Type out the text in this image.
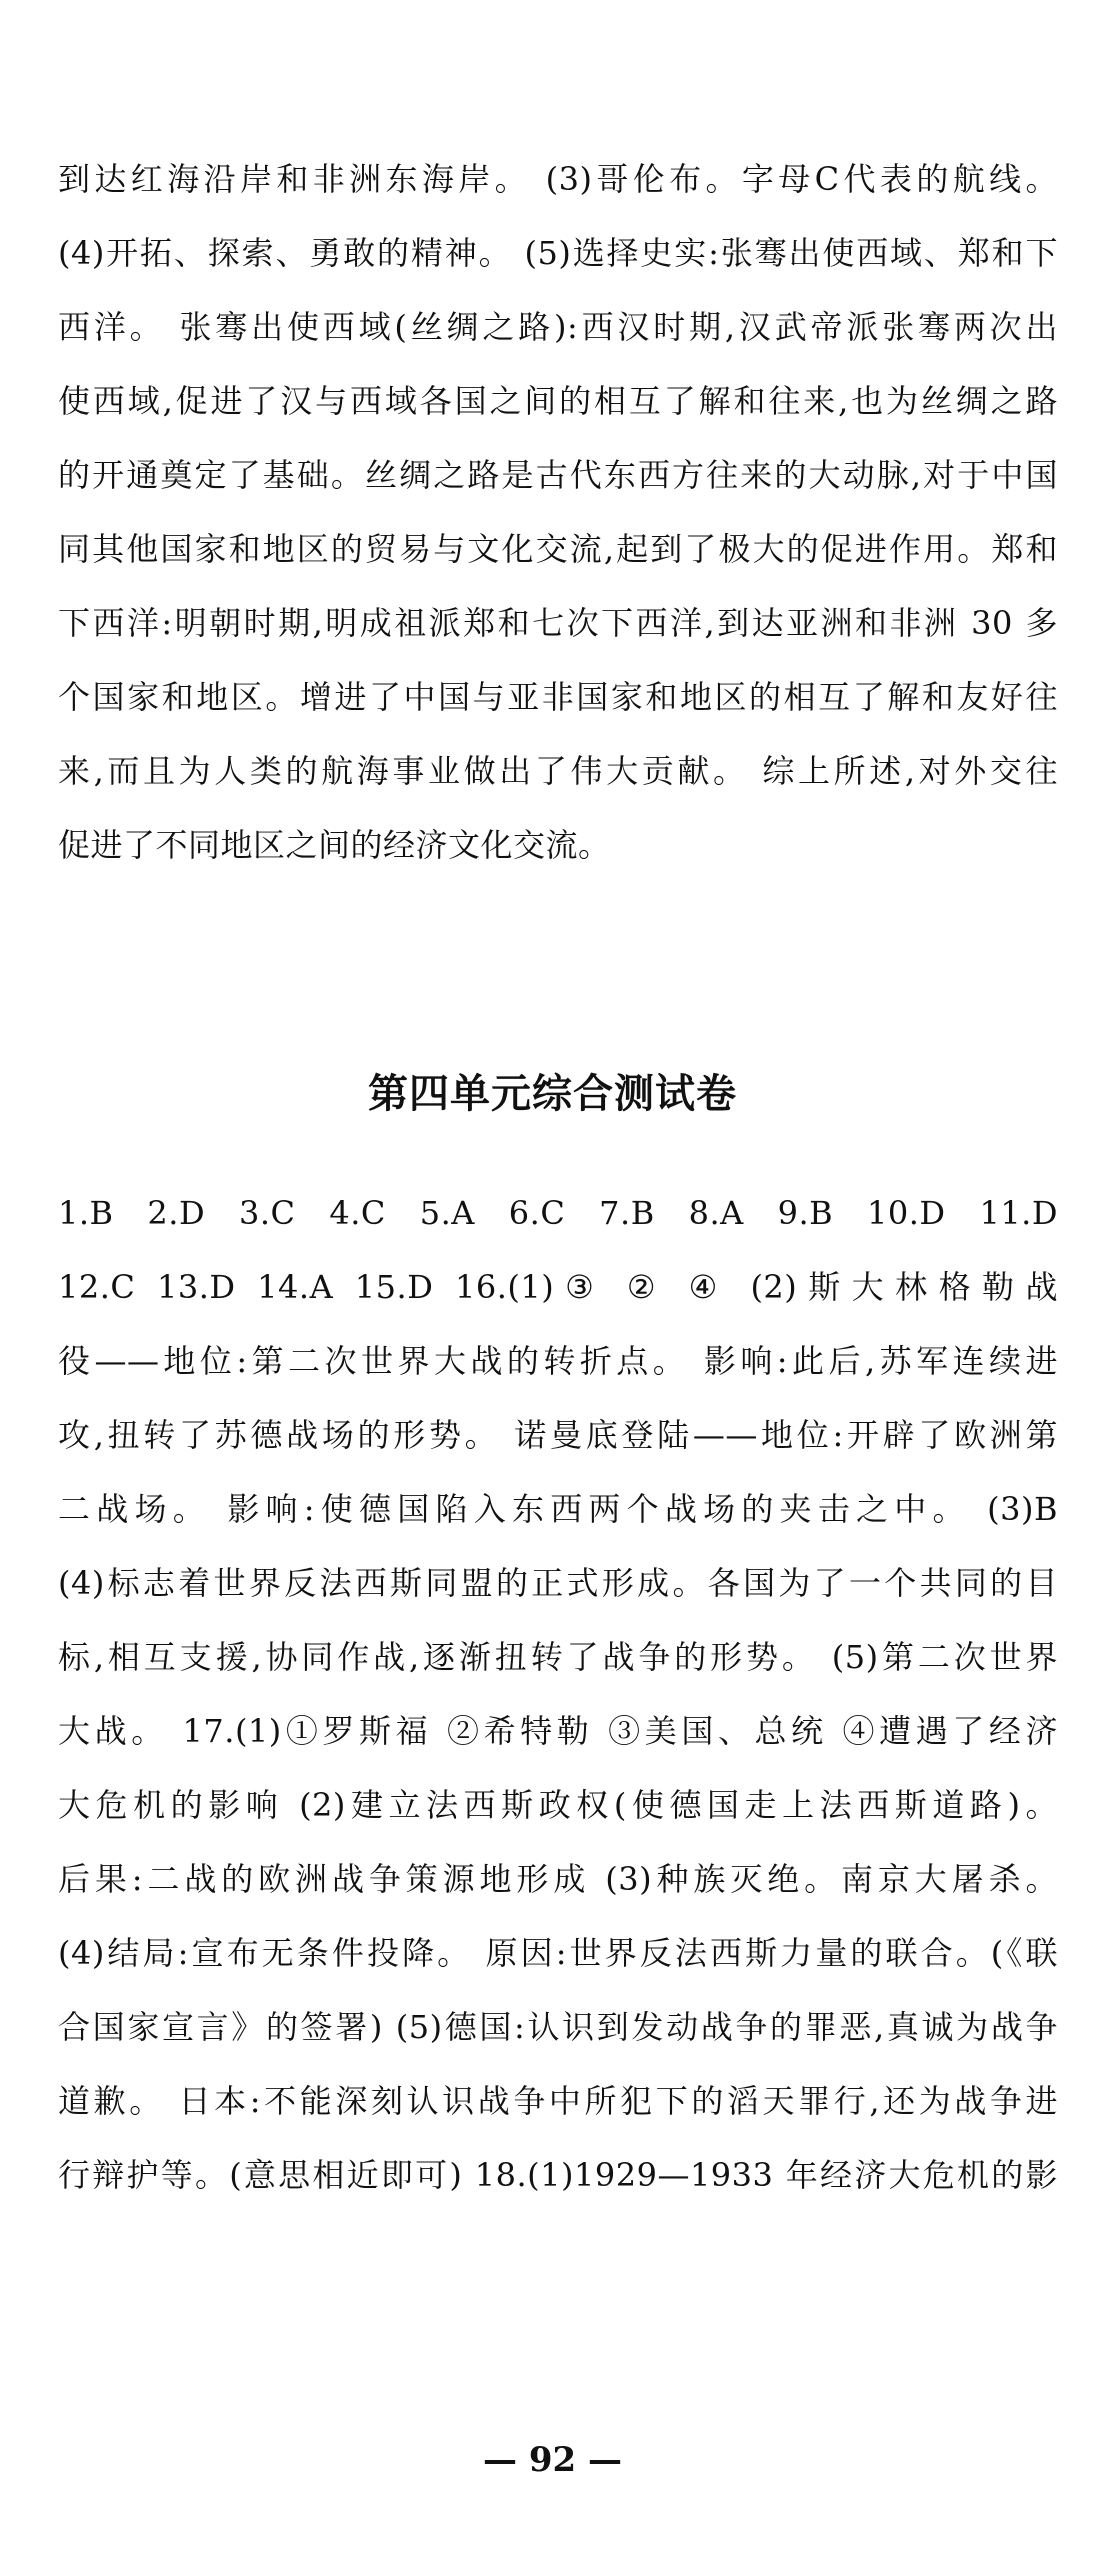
到达红海沿岸和非洲东海岸。 (3)哥伦布。字母C代表的航线。
(4)开拓、探索、勇敢的精神。 (5)选择史实:张骞出使西域、郑和下
西洋。 张骞出使西域(丝绸之路):西汉时期,汉武帝派张骞两次出
使西域,促进了汉与西域各国之间的相互了解和往来,也为丝绸之路
的开通奠定了基础。丝绸之路是古代东西方往来的大动脉,对于中国
同其他国家和地区的贸易与文化交流,起到了极大的促进作用。郑和
下西洋:明朝时期,明成祖派郑和七次下西洋,到达亚洲和非洲 30 多
个国家和地区。增进了中国与亚非国家和地区的相互了解和友好往
来,而且为人类的航海事业做出了伟大贡献。 综上所述,对外交往
促进了不同地区之间的经济文化交流。
第四单元综合测试卷
1.B 2.D 3.C 4.C 5.A 6.C 7.B 8.A 9.B 10.D 11.D
12.C 13.D 14.A 15.D 16.(1)③ ② ④ (2)斯大林格勒战
役——地位:第二次世界大战的转折点。 影响:此后,苏军连续进
攻,扭转了苏德战场的形势。 诺曼底登陆——地位:开辟了欧洲第
二战场。 影响:使德国陷入东西两个战场的夹击之中。 (3)B
(4)标志着世界反法西斯同盟的正式形成。各国为了一个共同的目
标,相互支援,协同作战,逐渐扭转了战争的形势。 (5)第二次世界
大战。 17.(1)①罗斯福 ②希特勒 ③美国、总统 ④遭遇了经济
大危机的影响 (2)建立法西斯政权(使德国走上法西斯道路)。
后果:二战的欧洲战争策源地形成 (3)种族灭绝。南京大屠杀。
(4)结局:宣布无条件投降。 原因:世界反法西斯力量的联合。(《联
合国家宣言》的签署) (5)德国:认识到发动战争的罪恶,真诚为战争
道歉。 日本:不能深刻认识战争中所犯下的滔天罪行,还为战争进
行辩护等。(意思相近即可) 18.(1)1929—1933 年经济大危机的影
— 92 —
